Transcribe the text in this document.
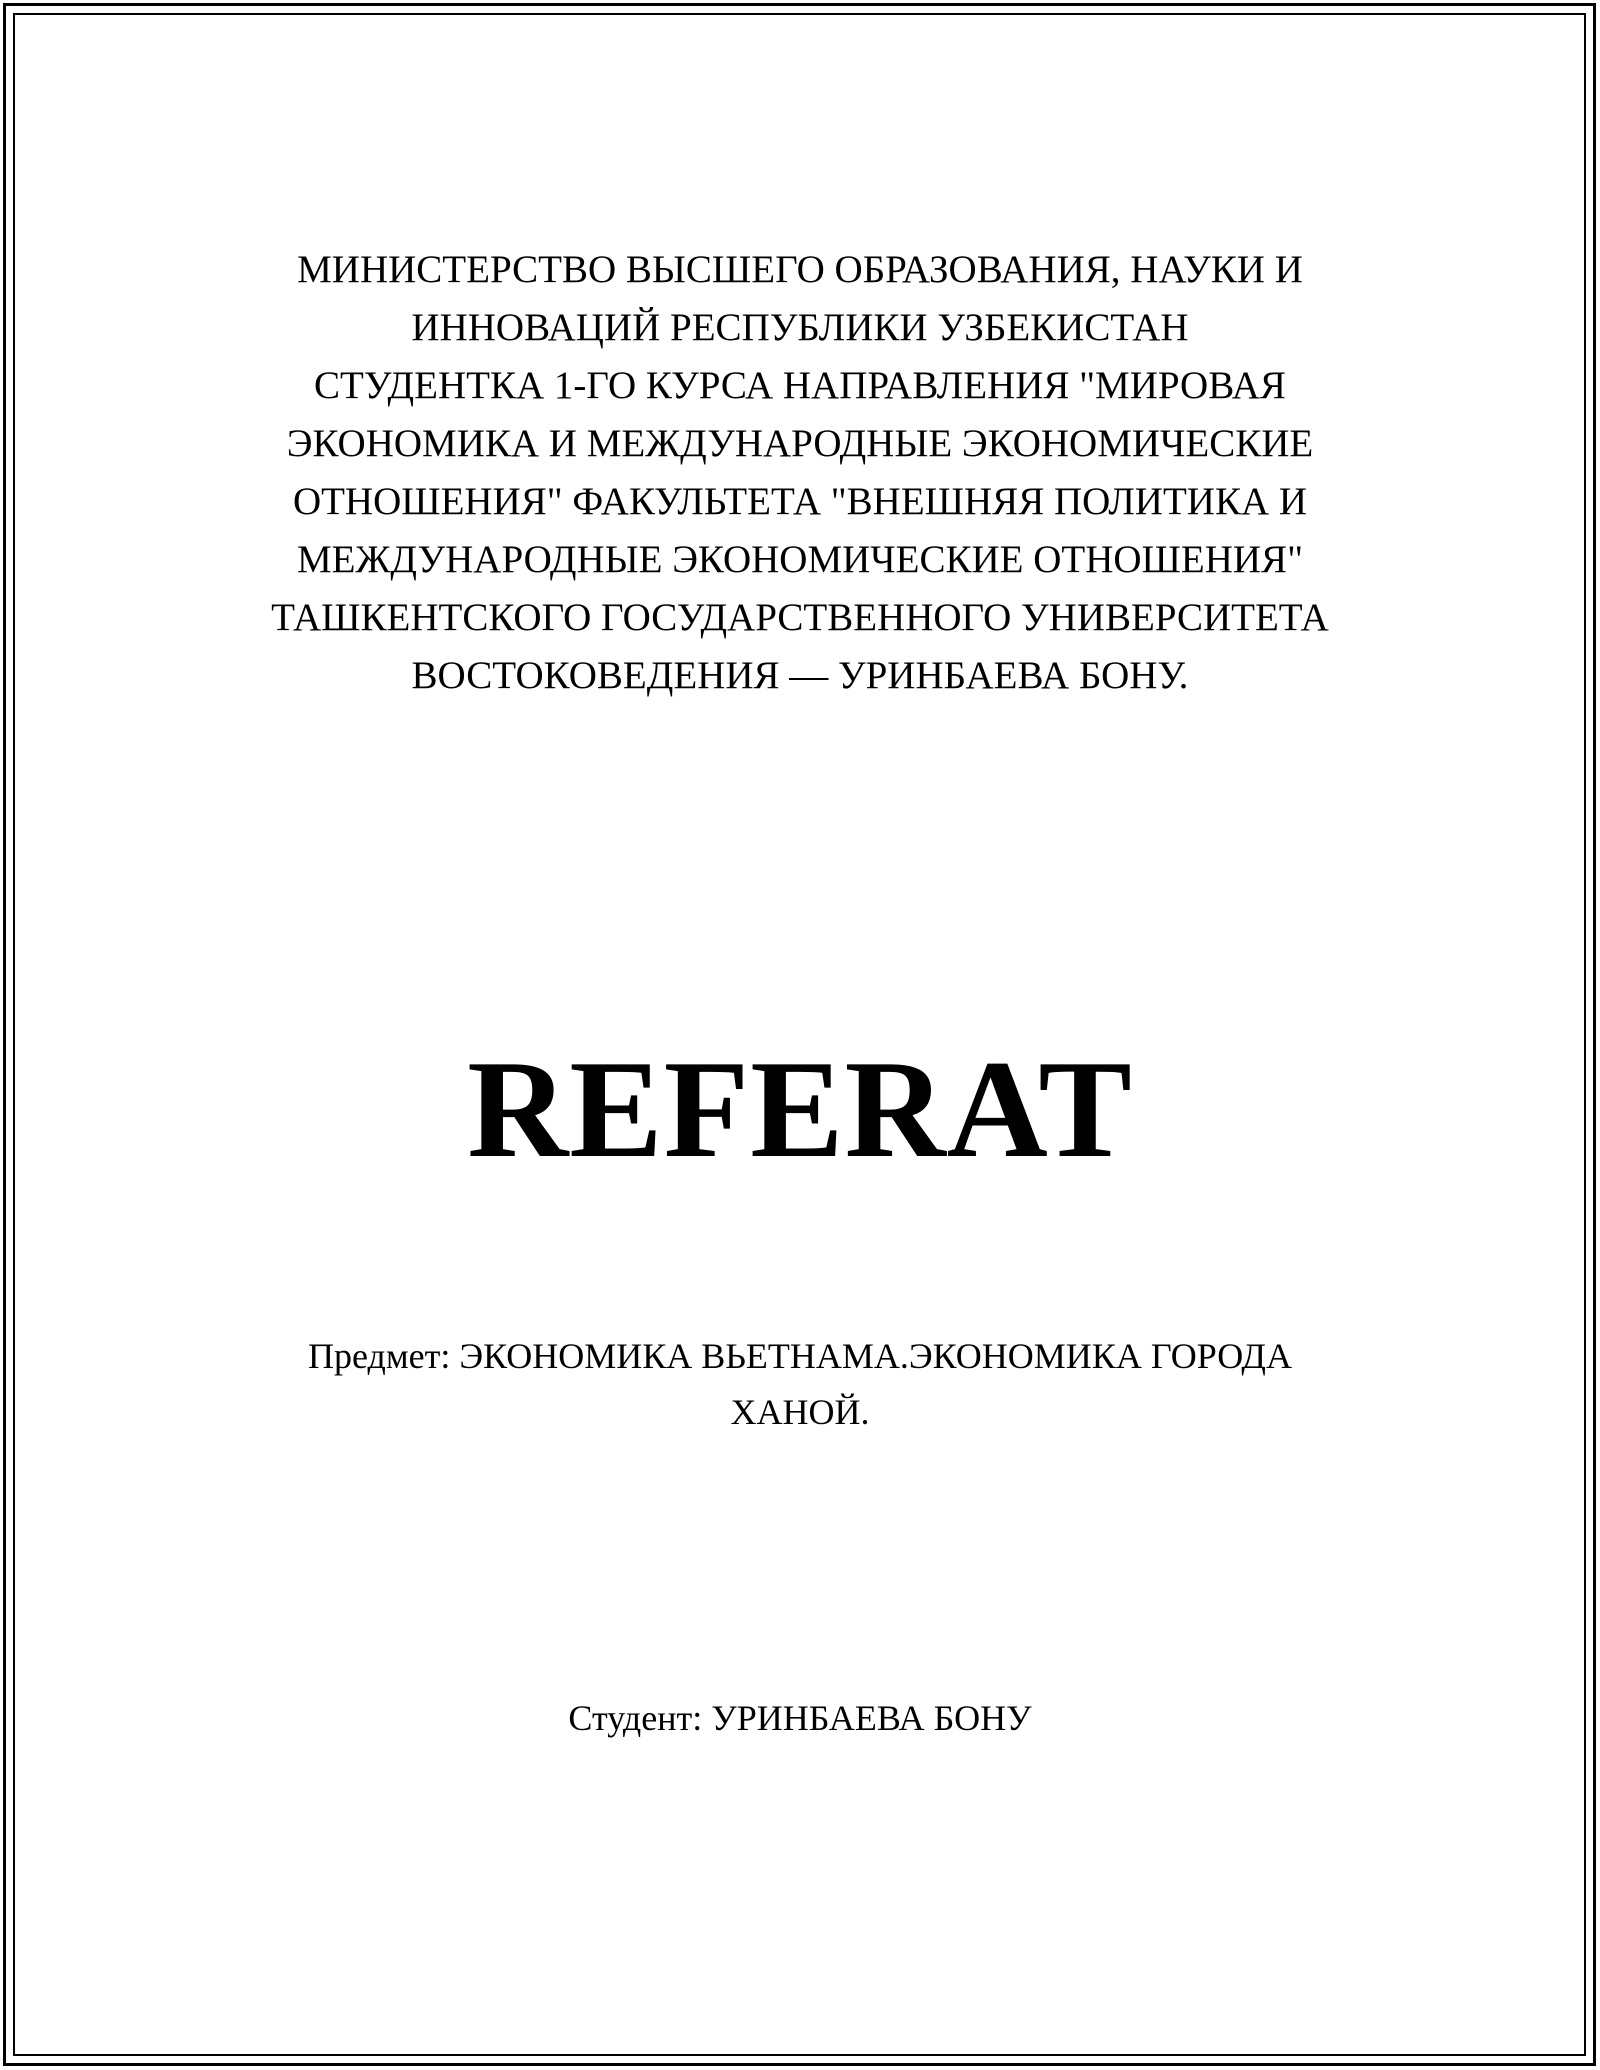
МИНИСТЕРСТВО ВЫСШЕГО ОБРАЗОВАНИЯ, НАУКИ И

ИННОВАЦИЙ РЕСПУБЛИКИ УЗБЕКИСТАН

СТУДЕНТКА 1-ГО КУРСА НАПРАВЛЕНИЯ "МИРОВАЯ ЭКОНОМИКА И МЕЖДУНАРОДНЫЕ ЭКОНОМИЧЕСКИЕ ОТНОШЕНИЯ" ФАКУЛЬТЕТА "ВНЕШНЯЯ ПОЛИТИКА И МЕЖДУНАРОДНЫЕ ЭКОНОМИЧЕСКИЕ ОТНОШЕНИЯ" ТАШКЕНТСКОГО ГОСУДАРСТВЕННОГО УНИВЕРСИТЕТА ВОСТОКОВЕДЕНИЯ — УРИНБАЕВА БОНУ.

REFERAT
Предмет: ЭКОНОМИКА ВЬЕТНАМА.ЭКОНОМИКА ГОРОДА ХАНОЙ.
Студент: УРИНБАЕВА БОНУ
